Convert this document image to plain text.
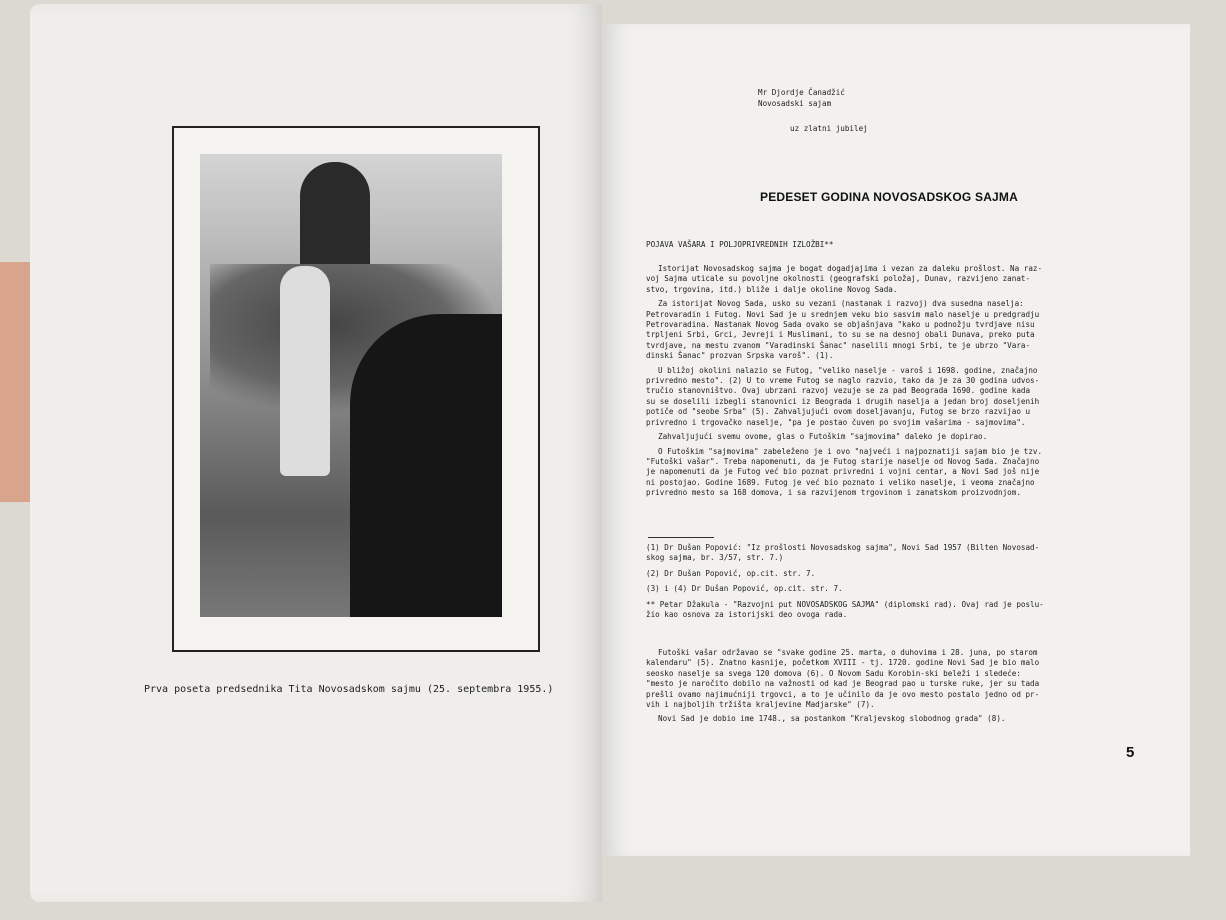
Prva poseta predsednika Tita Novosadskom sajmu (25. septembra 1955.)
Mr Djordje Čanadžić
Novosadski sajam
uz zlatni jubilej
PEDESET GODINA NOVOSADSKOG SAJMA
POJAVA VAŠARA I POLJOPRIVREDNIH IZLOŽBI**

Istorijat Novosadskog sajma je bogat dogadjajima i vezan za daleku prošlost. Na raz-
voj Sajma uticale su povoljne okolnosti (geografski položaj, Dunav, razvijeno zanat-
stvo, trgovina, itd.) bliže i dalje okoline Novog Sada.

Za istorijat Novog Sada, usko su vezani (nastanak i razvoj) dva susedna naselja:
Petrovaradin i Futog. Novi Sad je u srednjem veku bio sasvim malo naselje u predgradju
Petrovaradina. Nastanak Novog Sada ovako se objašnjava "kako u podnožju tvrdjave nisu
trpljeni Srbi, Grci, Jevreji i Muslimani, to su se na desnoj obali Dunava, preko puta
tvrdjave, na mestu zvanom "Varadinski Šanac" naselili mnogi Srbi, te je ubrzo "Vara-
dinski Šanac" prozvan Srpska varoš". (1).

U bližoj okolini nalazio se Futog, "veliko naselje - varoš i 1698. godine, značajno
privredno mesto". (2) U to vreme Futog se naglo razvio, tako da je za 30 godina udvos-
tručio stanovništvo. Ovaj ubrzani razvoj vezuje se za pad Beograda 1690. godine kada
su se doselili izbegli stanovnici iz Beograda i drugih naselja a jedan broj doseljenih
potiče od "seobe Srba" (5). Zahvaljujući ovom doseljavanju, Futog se brzo razvijao u
privredno i trgovačko naselje, "pa je postao čuven po svojim vašarima - sajmovima".

Zahvaljujući svemu ovome, glas o Futoškim "sajmovima" daleko je dopirao.

O Futoškim "sajmovima" zabeleženo je i ovo "najveći i najpoznatiji sajam bio je tzv.
"Futoški vašar". Treba napomenuti, da je Futog starije naselje od Novog Sada. Značajno
je napomenuti da je Futog već bio poznat privredni i vojni centar, a Novi Sad još nije
ni postojao. Godine 1689. Futog je već bio poznato i veliko naselje, i veoma značajno
privredno mesto sa 168 domova, i sa razvijenom trgovinom i zanatskom proizvodnjom.

(1) Dr Dušan Popović: "Iz prošlosti Novosadskog sajma", Novi Sad 1957 (Bilten Novosad-
skog sajma, br. 3/57, str. 7.)

(2) Dr Dušan Popović, op.cit. str. 7.

(3) i (4) Dr Dušan Popović, op.cit. str. 7.

** Petar Džakula - "Razvojni put NOVOSADSKOG SAJMA" (diplomski rad). Ovaj rad je poslu-
žio kao osnova za istorijski deo ovoga rada.

Futoški vašar održavao se "svake godine 25. marta, o duhovima i 28. juna, po starom
kalendaru" (5). Znatno kasnije, početkom XVIII - tj. 1720. godine Novi Sad je bio malo
seosko naselje sa svega 120 domova (6). O Novom Sadu Korobin-ski beleži i sledeće:
"mesto je naročito dobilo na važnosti od kad je Beograd pao u turske ruke, jer su tada
prešli ovamo najimućniji trgovci, a to je učinilo da je ovo mesto postalo jedno od pr-
vih i najboljih tržišta kraljevine Madjarske" (7).

Novi Sad je dobio ime 1748., sa postankom "Kraljevskog slobodnog grada" (8).

5
